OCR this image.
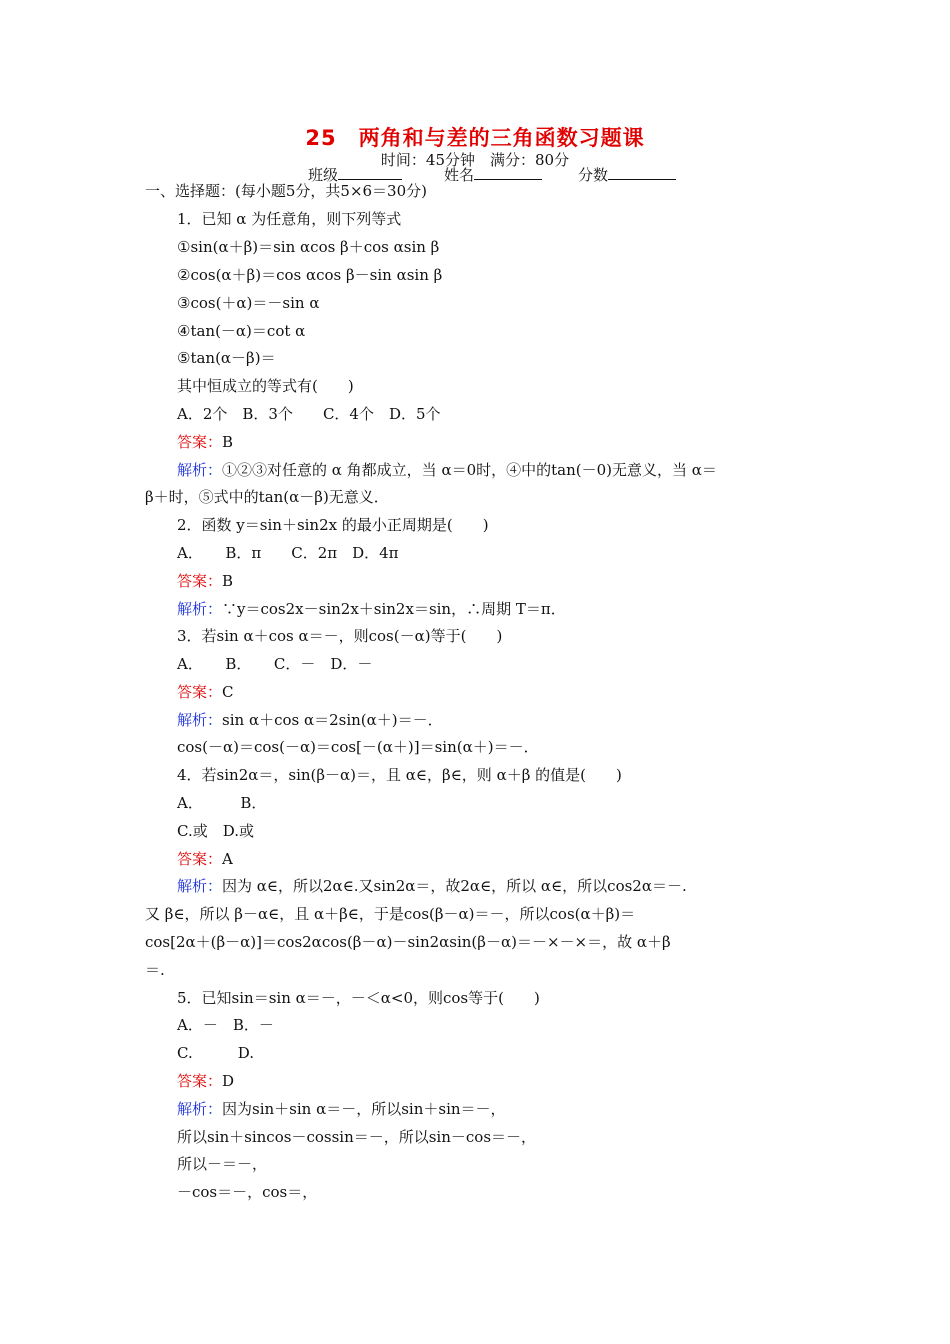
25　两角和与差的三角函数习题课
时间：45分钟　满分：80分
班级	姓名	分数
一、选择题：(每小题5分，共5×6＝30分)
1．已知 α 为任意角，则下列等式
①sin(α＋β)＝sin αcos β＋cos αsin β
②cos(α＋β)＝cos αcos β－sin αsin β
③cos(＋α)＝－sin α
④tan(－α)＝cot α
⑤tan(α－β)＝
其中恒成立的等式有(　　)
A．2个　B．3个　　C．4个　D．5个
答案：B
解析：①②③对任意的 α 角都成立，当 α＝0时，④中的tan(－0)无意义，当 α＝
β＋时，⑤式中的tan(α－β)无意义．
2．函数 y＝sin＋sin2x 的最小正周期是(　　)
A．　　B．π　　C．2π　D．4π
答案：B
解析：∵y＝cos2x－sin2x＋sin2x＝sin，∴周期 T＝π．
3．若sin α＋cos α＝－，则cos(－α)等于(　　)
A．　　B．　　C．－　D．－
答案：C
解析：sin α＋cos α＝2sin(α＋)＝－．
cos(－α)＝cos(－α)＝cos[－(α＋)]＝sin(α＋)＝－．
4．若sin2α＝，sin(β－α)＝，且 α∈，β∈，则 α＋β 的值是(　　)
A．　　　B．
C.或　D.或
答案：A
解析：因为 α∈，所以2α∈.又sin2α＝，故2α∈，所以 α∈，所以cos2α＝－.
又 β∈，所以 β－α∈，且 α＋β∈，于是cos(β－α)＝－，所以cos(α＋β)＝
cos[2α＋(β－α)]＝cos2αcos(β－α)－sin2αsin(β－α)＝－×－×＝，故 α＋β
＝.
5．已知sin＝sin α＝－，－＜α<0，则cos等于(　　)
A．－　B．－
C.　　　D.
答案：D
解析：因为sin＋sin α＝－，所以sin＋sin＝－，
所以sin＋sincos－cossin＝－，所以sin－cos＝－，
所以－＝－，
－cos＝－，cos＝，
